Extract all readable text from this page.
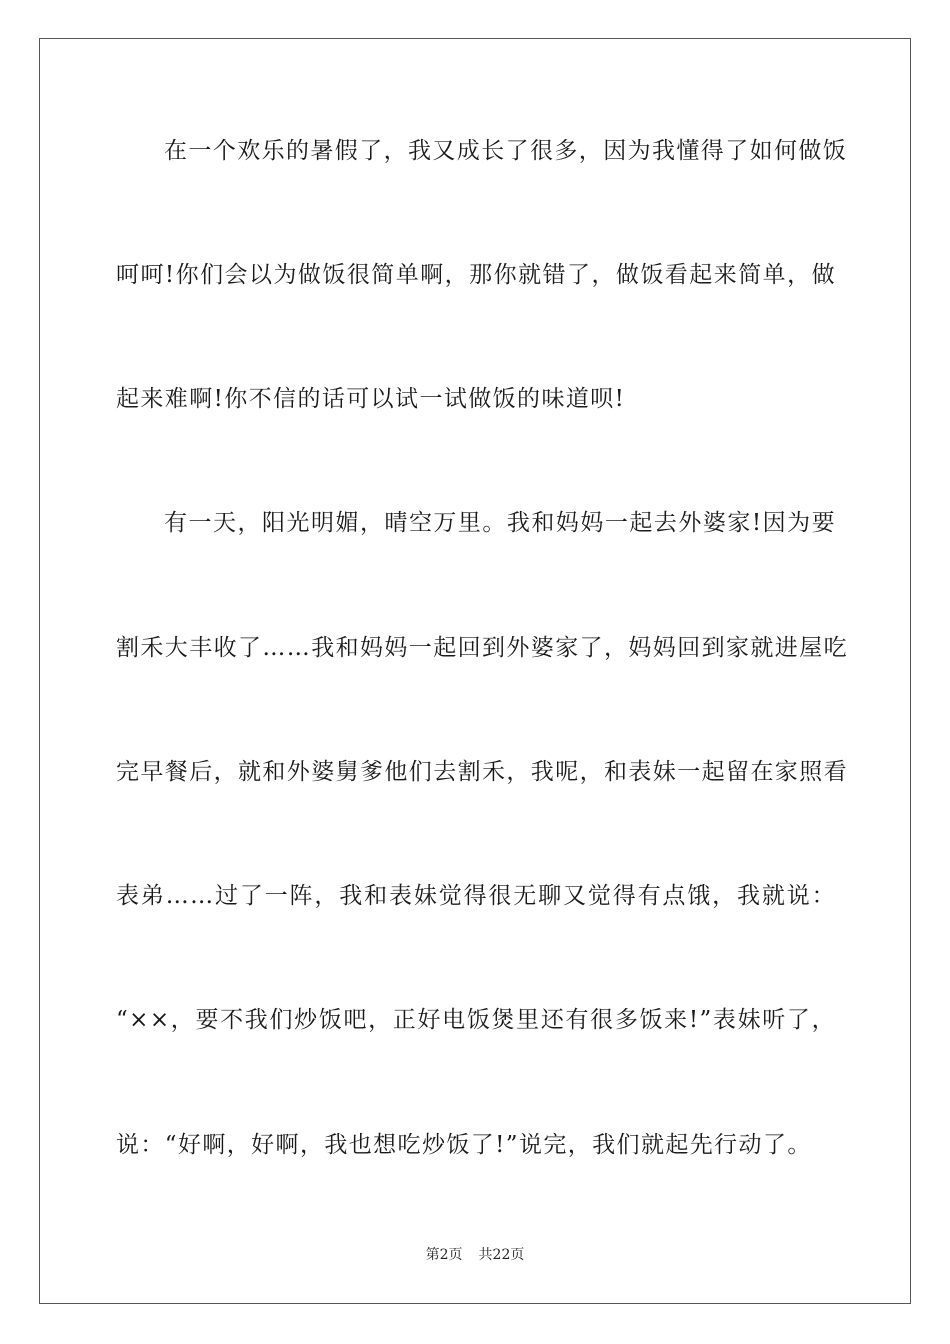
在一个欢乐的暑假了，我又成长了很多，因为我懂得了如何做饭
呵呵!你们会以为做饭很简单啊，那你就错了，做饭看起来简单，做
起来难啊!你不信的话可以试一试做饭的味道呗!
有一天，阳光明媚，晴空万里。我和妈妈一起去外婆家!因为要
割禾大丰收了……我和妈妈一起回到外婆家了，妈妈回到家就进屋吃
完早餐后，就和外婆舅爹他们去割禾，我呢，和表妹一起留在家照看
表弟……过了一阵，我和表妹觉得很无聊又觉得有点饿，我就说：
“××，要不我们炒饭吧，正好电饭煲里还有很多饭来!”表妹听了，
说：“好啊，好啊，我也想吃炒饭了!”说完，我们就起先行动了。
第2页 共22页
